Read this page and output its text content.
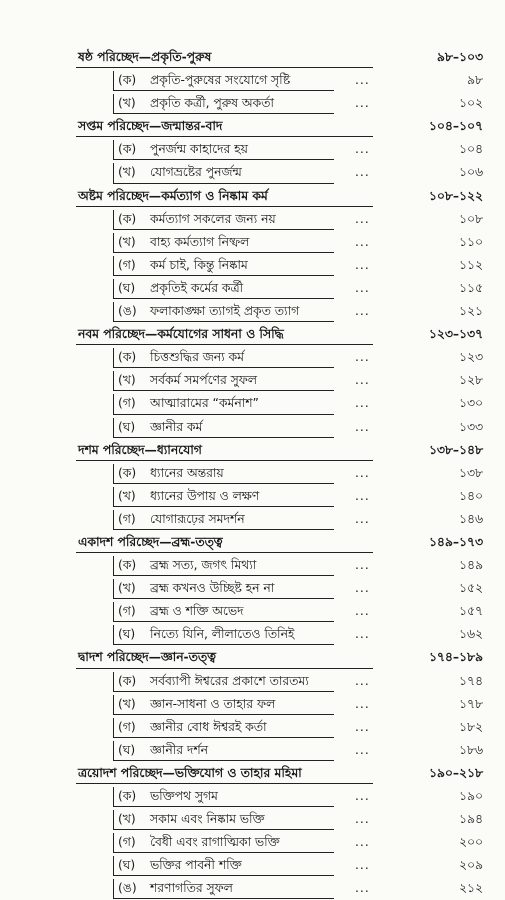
ষষ্ঠ পরিচ্ছেদ—প্রকৃতি-পুরুষ	৯৮–১০৩
(ক)	প্রকৃতি-পুরুষের সংযোগে সৃষ্টি	...	৯৮
(খ)	প্রকৃতি কর্ত্রী, পুরুষ অকর্তা	...	১০২
সপ্তম পরিচ্ছেদ—জন্মান্তর-বাদ	১০৪–১০৭
(ক)	পুনর্জন্ম কাহাদের হয়	...	১০৪
(খ)	যোগভ্রষ্টের পুনর্জন্ম	...	১০৬
অষ্টম পরিচ্ছেদ—কর্মত্যাগ ও নিষ্কাম কর্ম	১০৮–১২২
(ক)	কর্মত্যাগ সকলের জন্য নয়	...	১০৮
(খ)	বাহ্য কর্মত্যাগ নিষ্ফল	...	১১০
(গ)	কর্ম চাই, কিন্তু নিষ্কাম	...	১১২
(ঘ)	প্রকৃতিই কর্মের কর্ত্রী	...	১১৫
(ঙ)	ফলাকাঙ্ক্ষা ত্যাগই প্রকৃত ত্যাগ	...	১২১
নবম পরিচ্ছেদ—কর্মযোগের সাধনা ও সিদ্ধি	১২৩–১৩৭
(ক)	চিত্তশুদ্ধির জন্য কর্ম	...	১২৩
(খ)	সর্বকর্ম সমর্পণের সুফল	...	১২৮
(গ)	আত্মারামের “কর্মনাশ”	...	১৩০
(ঘ)	জ্ঞানীর কর্ম	...	১৩৩
দশম পরিচ্ছেদ—ধ্যানযোগ	১৩৮–১৪৮
(ক)	ধ্যানের অন্তরায়	...	১৩৮
(খ)	ধ্যানের উপায় ও লক্ষণ	...	১৪০
(গ)	যোগারূঢ়ের সমদর্শন	...	১৪৬
একাদশ পরিচ্ছেদ—ব্রহ্ম-তত্ত্ব	১৪৯–১৭৩
(ক)	ব্রহ্ম সত্য, জগৎ মিথ্যা	...	১৪৯
(খ)	ব্রহ্ম কখনও উচ্ছিষ্ট হন না	...	১৫২
(গ)	ব্রহ্ম ও শক্তি অভেদ	...	১৫৭
(ঘ)	নিত্যে যিনি, লীলাতেও তিনিই	...	১৬২
দ্বাদশ পরিচ্ছেদ—জ্ঞান-তত্ত্ব	১৭৪–১৮৯
(ক)	সর্বব্যাপী ঈশ্বরের প্রকাশে তারতম্য	...	১৭৪
(খ)	জ্ঞান-সাধনা ও তাহার ফল	...	১৭৮
(গ)	জ্ঞানীর বোধ ঈশ্বরই কর্তা	...	১৮২
(ঘ)	জ্ঞানীর দর্শন	...	১৮৬
ত্রয়োদশ পরিচ্ছেদ—ভক্তিযোগ ও তাহার মহিমা	১৯০–২১৮
(ক)	ভক্তিপথ সুগম	...	১৯০
(খ)	সকাম এবং নিষ্কাম ভক্তি	...	১৯৪
(গ)	বৈধী এবং রাগাত্মিকা ভক্তি	...	২০০
(ঘ)	ভক্তির পাবনী শক্তি	...	২০৯
(ঙ)	শরণাগতির সুফল	...	২১২
